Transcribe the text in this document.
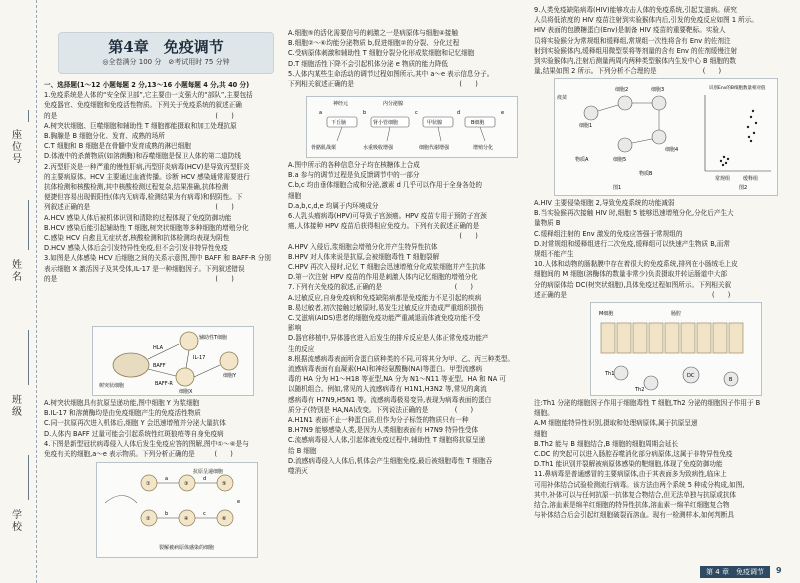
座位号
姓名
班级
学校
第4章　免疫调节
◎全卷满分 100 分　⊘考试用时 75 分钟

一、选择题(1～12 小题每题 2 分,13～16 小题每题 4 分,共 40 分)

1.免疫系统是人体的“安全保卫部”,它主要由一支强大的“部队”,主要包括

免疫器官、免疫细胞和免疫活性物质。下列关于免疫系统的叙述正确

的是　　　　　　　　　　　　　　　　　　　　　　　　(　　)

A.树突状细胞、巨噬细胞和辅助性 T 细胞都能摄取和加工处理抗原

B.胸腺是 B 细胞分化、发育、成熟的场所

C.T 细胞和 B 细胞是在骨髓中发育成熟的淋巴细胞

D.体液中的杀菌物质(如溶菌酶)和吞噬细胞是保卫人体的第二道防线

2.丙型肝炎是一种严重的慢性肝病,丙型肝炎病毒(HCV)是导致丙型肝炎

的主要病原体。HCV 主要通过血液传播。诊断 HCV 感染通常需要进行

抗体检测和核酸检测,其中核酸检测过程复杂,结果准确,抗体检测

便捷但容易出现假阳性(体内无病毒,检测结果为有病毒)和假阴性。下

列叙述正确的是　　　　　　　　　　　　　　　　　　　(　　)

A.HCV 感染人体后被机体识别和清除的过程体现了免疫防御功能

B.HCV 感染后能引起辅助性 T 细胞,树突状细胞等多种细胞的增殖分化

C.感染 HCV 自愈且无症状者,核酸检测和抗体检测均表现为阴性

D.HCV 感染人体后会引发特异性免疫,但不会引发非特异性免疫

3.如图是人体感染 HCV 后细胞之间的关系示意图,图中 BAFF 和 BAFF-R 分别

表示细胞 X 激活因子及其受体,IL-17 是一种细胞因子。下列叙述错误

的是　　　　　　　　　　　　　　　　　　　　　　　　(　　)

HLA
辅助性T细胞
IL-17
细胞Y
BAFF
BAFF-R
树突状细胞
细胞X

A.树突状细胞具有抗原呈递功能,图中细胞 Y 为浆细胞

B.IL-17 和溶菌酶均是由免疫细胞产生的免疫活性物质

C.同一抗原再次进入机体后,细胞 Y 会迅速增殖并分泌大量抗体

D.人体内 BAFF 过量可能会引起系统性红斑狼疮等自身免疫病

4.下图是新型冠状病毒侵入人体后发生免疫应答的图解,图中①～⑥是与

免疫有关的细胞,a～e 表示物质。下列分析正确的是　　　(　　)

抗原呈递细胞
①
②
③
④
⑤
⑥
a
b	c
d
e
裂解被病原体感染的细胞

A.细胞⑤的活化需要信号的刺激之一是病原体与细胞④接触

B.细胞②～⑥均能分泌物质 b,促进细胞②的分裂、分化过程

C.受病原体刺激和辅助性 T 细胞分裂分化形成浆细胞和记忆细胞

D.T 细胞活性下降不会引起机体分泌 e 物质的能力降低

5.人体内某些生命活动的调节过程如图所示,其中 a～e 表示信息分子。

下列相关叙述正确的是　　　　　　　　　　　　　　　　(　　)

神经元	内分泌腺
下丘脑	肾小管细胞	甲状腺	B细胞
骨骼肌战栗	水重吸收增强	细胞代谢增强	增殖分化
a	b	c	d	e

A.图中所示的各种信息分子均在核糖体上合成

B.a 参与的调节过程是负反馈调节中的一部分

C.b,c 均由垂体细胞合成和分泌,激素 d 几乎可以作用于全身各处的

细胞

D.a,b,c,d,e 均属于内环境成分

6.人乳头瘤病毒(HPV)可导致子宫颈癌。HPV 疫苗专用于预防子宫颈

癌,人体接种 HPV 疫苗后获得相应免疫力。下列有关叙述正确的是

　　　　　　　　　　　　　　　　　　　　　　　　　　(　　)

A.HPV 入侵后,浆细胞会增殖分化并产生特异性抗体

B.HPV 对人体来说是抗原,会被细胞毒性 T 细胞裂解

C.HPV 再次入侵时,记忆 T 细胞会迅速增殖分化成浆细胞并产生抗体

D.第一次注射 HPV 疫苗的作用是刺激人体内记忆细胞的增殖分化

7.下列有关免疫的叙述,正确的是　　　　　　　　　　　(　　)

A.过敏反应,自身免疫病和免疫缺陷病都是免疫能力不足引起的疾病

B.易过敏者,初次接触过敏原时,易发生过敏反应并造成严重组织损伤

C.艾滋病(AIDS)患者的细胞免疫功能严重减退而体液免疫功能不受

影响

D.器官移植中,异体器官进入后发生的排斥反应是人体正常免疫功能产

生的反应

8.根据流感病毒表面所含蛋白质种类的不同,可将其分为甲、乙、丙三种类型。

流感病毒表面有血凝素(HA)和神经氨酸酶(NA)等蛋白。甲型流感病

毒的 HA 分为 H1～H18 等亚型,NA 分为 N1～N11 等亚型。HA 和 NA 可

以随机组合。例如,常见的人流感病毒有 H1N1,H3N2 等,常见的禽流

感病毒有 H7N9,H5N1 等。流感病毒极易变异,表现为病毒表面的蛋白

质分子(特别是 HA,NA)改变。下列说法正确的是　　　　(　　)

A.H1N1 表面不止一种蛋白质,但作为分子标签的物质只有一种

B.H7N9 能够感染人类,是因为人类细胞表面有 H7N9 特异性受体

C.流感病毒侵入人体,引起体液免疫过程中,辅助性 T 细胞将抗原呈递

给 B 细胞

D.流感病毒侵入人体后,机体会产生细胞免疫,最后被细胞毒性 T 细胞吞

噬消灭

9.人类免疫缺陷病毒(HIV)能够攻击人体的免疫系统,引起艾滋病。研究

人员将低浓度的 HIV 疫苗注射到实验猴体内后,引发的免疫反应如图 1 所示。

HIV 表面的包膜糖蛋白(Env)是制备 HIV 疫苗的重要靶标。实验人

员将实验猴分为常规组和缓释组,常规组一次性将含有 Env 的佐剂注

射到实验猴体内,缓释组用微型泵将等剂量的含有 Env 的佐剂缓慢注射

到实验猴体内,注射后测量两周内两种类型猴体内生发中心 B 细胞的数

量,结果如图 2 所示。下列分析不合理的是　　　　　　　(　　)

疫苗
细胞1
细胞2	细胞3
细胞4
细胞5
物质A
物质B
图1	图2
常规组	缓释组
识别Env的B细胞数量相对值

A.HIV 主要侵染细胞 2,导致免疫系统的功能减弱

B.当实验猴再次接触 HIV 时,细胞 5 能够迅速增殖分化,分化后产生大

量物质 B

C.缓释组注射的 Env 激发的免疫应答强于常规组的

D.对常规组和缓释组进行二次免疫,缓释组可以快速产生物质 B,而常

规组不能产生

10.人体和动物的肠黏膜中存在着很大的免疫系统,排列在小肠绒毛上皮

细胞间的 M 细胞(溶酶体的数量非常少)负责摄取并转运肠道中大部

分的病原体给 DC(树突状细胞),具体免疫过程如图所示。下列相关叙

述正确的是　　　　　　　　　　　　　　　　　　　　　　(　　)

M细胞	肠腔
Th1
Th2
DC
B

注:Th1 分泌的细胞因子作用于细胞毒性 T 细胞,Th2 分泌的细胞因子作用于 B

细胞。

A.M 细胞能特异性识别,摄取和处理病原体,属于抗原呈递

细胞

B.Th2 能与 B 细胞结合,B 细胞的细胞周期会延长

C.DC 的突起可以进入肠腔吞噬消化部分病原体,这属于非特异性免疫

D.Th1 能识别并裂解被病原体感染的靶细胞,体现了免疫防御功能

11.鼻病毒是普通感冒的主要病原体,由于其表面多为致病性,临床上

可用补体结合试验检测流行病毒。该方法由两个系统 5 种成分构成,如图,

其中,补体可以与任何抗原一抗体复合物结合,但无法单独与抗原或抗体

结合,溶血素是绵羊红细胞的特异性抗体,溶血素一绵羊红细胞复合物

与补体结合后会引起红细胞破裂而溶血。现有一检测样本,如何判断具

第 4 章　免疫调节	9
